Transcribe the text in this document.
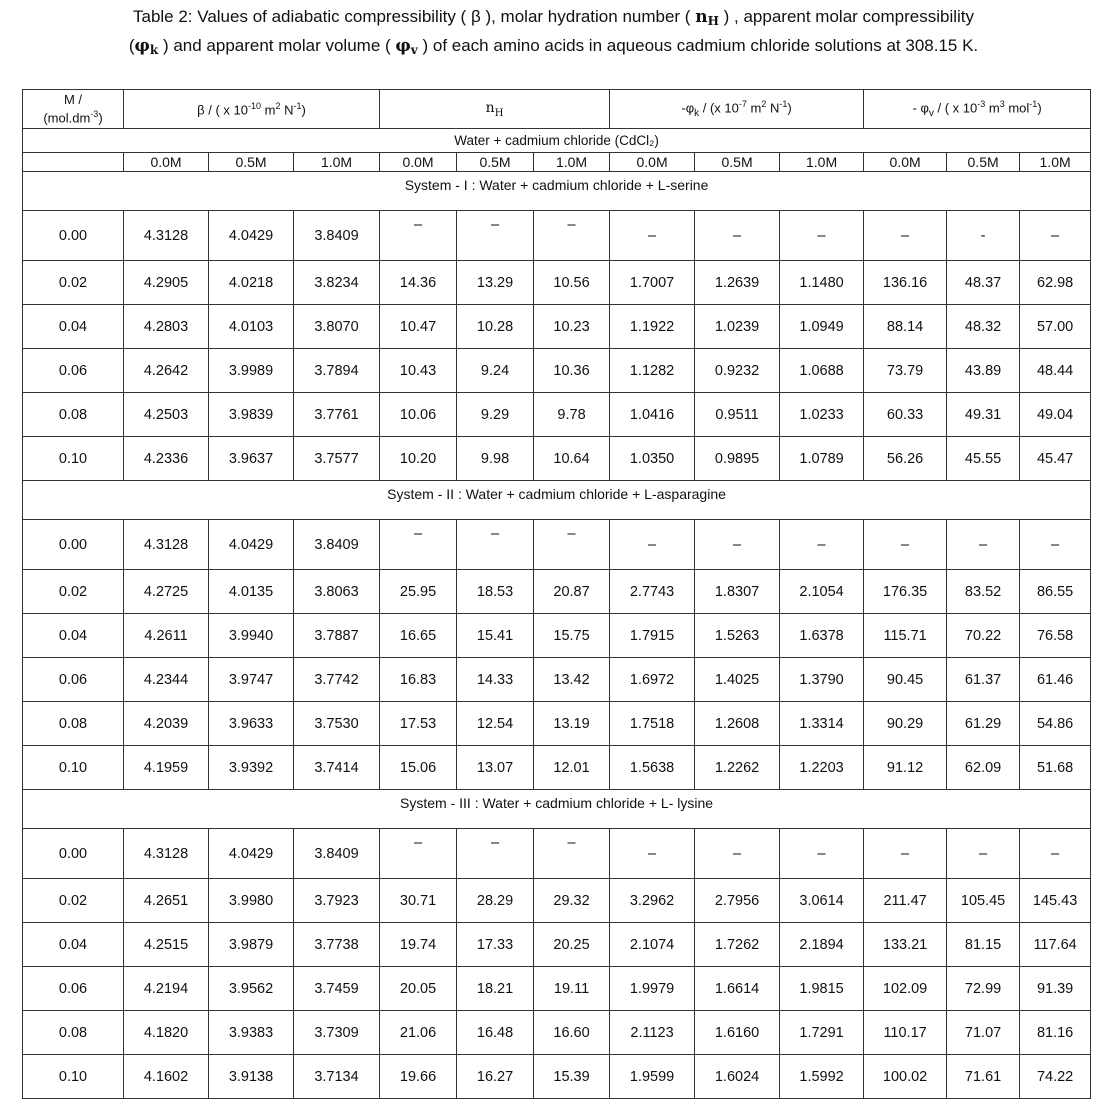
Table 2: Values of adiabatic compressibility ( β ), molar hydration number ( nH ) , apparent molar compressibility
(φk ) and apparent molar volume ( φv ) of each amino acids in aqueous cadmium chloride solutions at 308.15 K.
M /
$(mol.dm^{-3})$	β / ( x $10^{-10}$ $m^2$ $N^{-1}$)			$n_H$			$-\varphi_k / (x$ $10^{-7}$ $m^2$ $N^{-1}$)			- $\varphi_v$ / ( x $10^{-3}$ $m^3$ mol$^{-1}$)		
Water + cadmium chloride (CdCl₂)												
	0.0M	0.5M	1.0M	0.0M	0.5M	1.0M	0.0M	0.5M	1.0M	0.0M	0.5M	1.0M
System - I : Water + cadmium chloride + L-serine												
0.00	4.3128	4.0429	3.8409	–	–	–	–	–	–	–	-	–
0.02	4.2905	4.0218	3.8234	14.36	13.29	10.56	1.7007	1.2639	1.1480	136.16	48.37	62.98
0.04	4.2803	4.0103	3.8070	10.47	10.28	10.23	1.1922	1.0239	1.0949	88.14	48.32	57.00
0.06	4.2642	3.9989	3.7894	10.43	9.24	10.36	1.1282	0.9232	1.0688	73.79	43.89	48.44
0.08	4.2503	3.9839	3.7761	10.06	9.29	9.78	1.0416	0.9511	1.0233	60.33	49.31	49.04
0.10	4.2336	3.9637	3.7577	10.20	9.98	10.64	1.0350	0.9895	1.0789	56.26	45.55	45.47
System - II : Water + cadmium chloride + L-asparagine												
0.00	4.3128	4.0429	3.8409	–	–	–	–	–	–	–	–	–
0.02	4.2725	4.0135	3.8063	25.95	18.53	20.87	2.7743	1.8307	2.1054	176.35	83.52	86.55
0.04	4.2611	3.9940	3.7887	16.65	15.41	15.75	1.7915	1.5263	1.6378	115.71	70.22	76.58
0.06	4.2344	3.9747	3.7742	16.83	14.33	13.42	1.6972	1.4025	1.3790	90.45	61.37	61.46
0.08	4.2039	3.9633	3.7530	17.53	12.54	13.19	1.7518	1.2608	1.3314	90.29	61.29	54.86
0.10	4.1959	3.9392	3.7414	15.06	13.07	12.01	1.5638	1.2262	1.2203	91.12	62.09	51.68
System - III : Water + cadmium chloride + L- lysine												
0.00	4.3128	4.0429	3.8409	–	–	–	–	–	–	–	–	–
0.02	4.2651	3.9980	3.7923	30.71	28.29	29.32	3.2962	2.7956	3.0614	211.47	105.45	145.43
0.04	4.2515	3.9879	3.7738	19.74	17.33	20.25	2.1074	1.7262	2.1894	133.21	81.15	117.64
0.06	4.2194	3.9562	3.7459	20.05	18.21	19.11	1.9979	1.6614	1.9815	102.09	72.99	91.39
0.08	4.1820	3.9383	3.7309	21.06	16.48	16.60	2.1123	1.6160	1.7291	110.17	71.07	81.16
0.10	4.1602	3.9138	3.7134	19.66	16.27	15.39	1.9599	1.6024	1.5992	100.02	71.61	74.22
